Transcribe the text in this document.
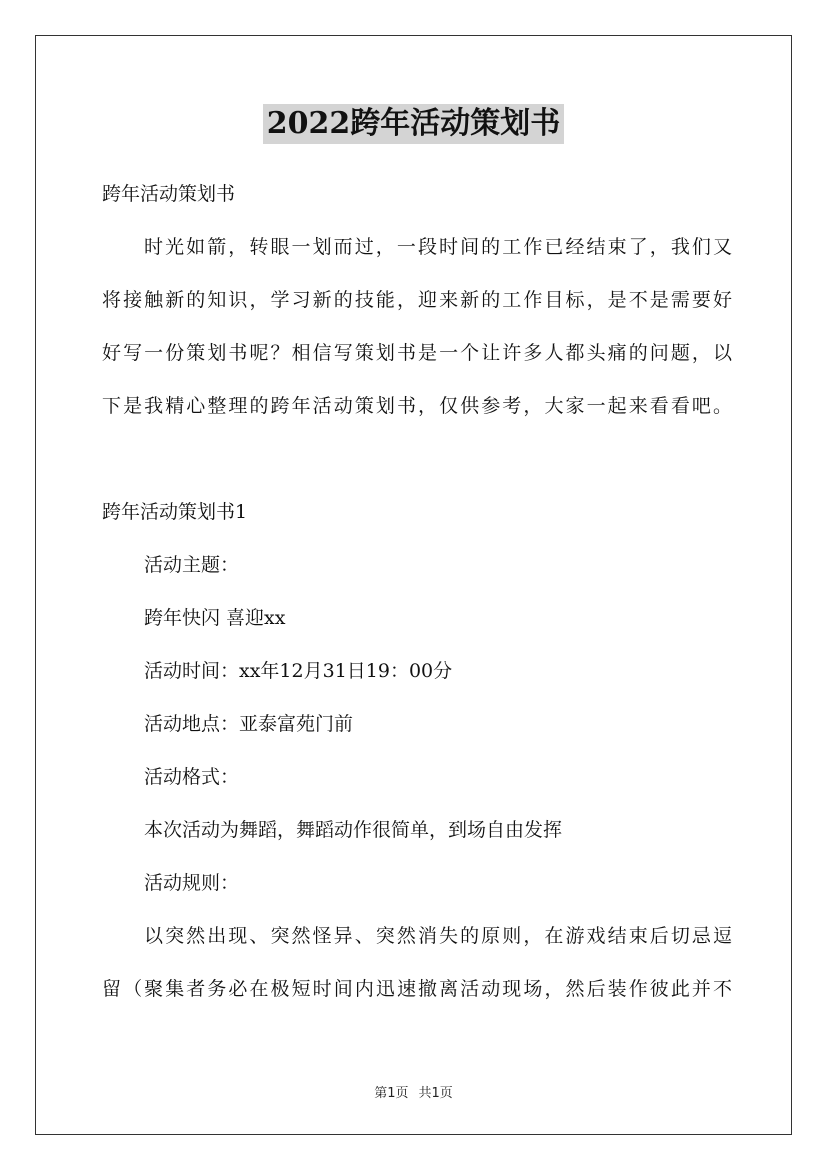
2022跨年活动策划书

跨年活动策划书

时光如箭，转眼一划而过，一段时间的工作已经结束了，我们又

将接触新的知识，学习新的技能，迎来新的工作目标，是不是需要好

好写一份策划书呢？相信写策划书是一个让许多人都头痛的问题，以

下是我精心整理的跨年活动策划书，仅供参考，大家一起来看看吧。

跨年活动策划书1

活动主题：

跨年快闪 喜迎xx

活动时间：xx年12月31日19：00分

活动地点：亚泰富苑门前

活动格式：

本次活动为舞蹈，舞蹈动作很简单，到场自由发挥

活动规则：

以突然出现、突然怪异、突然消失的原则，在游戏结束后切忌逗

留（聚集者务必在极短时间内迅速撤离活动现场，然后装作彼此并不

第1页 共1页
